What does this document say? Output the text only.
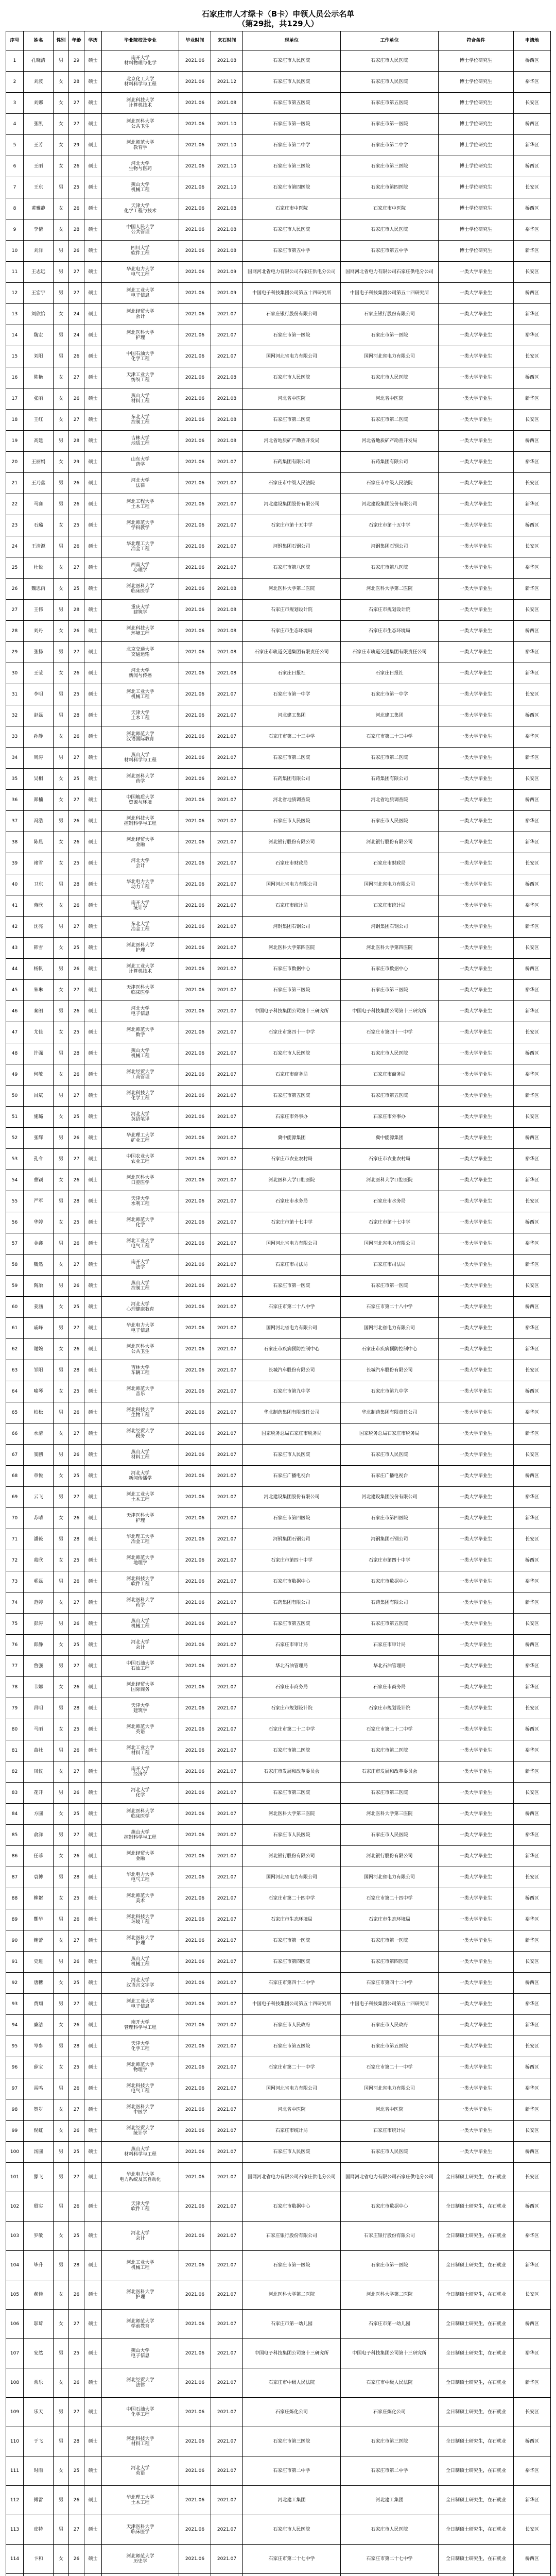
石家庄市人才绿卡（B卡）申领人员公示名单
（第29批，共129人）
序号	姓名	性别	年龄	学历	毕业院校及专业	毕业时间	来石时间	现单位	工作单位	符合条件	申请地
1	孔晓清	男	29	硕士	南开大学
材料物理与化学	2021.06	2021.08	石家庄市人民医院	石家庄市人民医院	博士学位研究生	桥西区
2	刘波	女	28	硕士	北京化工大学
材料科学与工程	2021.06	2021.12	石家庄市人民医院	石家庄市人民医院	博士学位研究生	裕华区
3	刘娜	女	27	硕士	河北科技大学
计算机技术	2021.06	2021.08	石家庄市第五医院	石家庄市第五医院	博士学位研究生	长安区
4	张凯	女	27	硕士	河北医科大学
公共卫生	2021.06	2021.10	石家庄市第一医院	石家庄市第一医院	博士学位研究生	桥西区
5	王芳	女	29	硕士	河北师范大学
教育学	2021.06	2021.10	石家庄市第二中学	石家庄市第二中学	博士学位研究生	新华区
6	王丽	女	26	硕士	河北大学
生物与医药	2021.06	2021.10	石家庄市第三医院	石家庄市第三医院	博士学位研究生	桥西区
7	王东	男	25	硕士	燕山大学
机械工程	2021.06	2021.10	石家庄市第四医院	石家庄市第四医院	博士学位研究生	长安区
8	黄雅静	女	26	硕士	天津大学
化学工程与技术	2021.06	2021.08	石家庄市中医院	石家庄市中医院	博士学位研究生	桥西区
9	李倩	女	28	硕士	中国人民大学
公共管理	2021.06	2021.08	石家庄市人民医院	石家庄市人民医院	博士学位研究生	裕华区
10	刘洋	男	26	硕士	四川大学
软件工程	2021.06	2021.08	石家庄市第五中学	石家庄市第五中学	博士学位研究生	新华区
11	王志远	男	27	硕士	华北电力大学
电气工程	2021.06	2021.09	国网河北省电力有限公司石家庄供电分公司	国网河北省电力有限公司石家庄供电分公司	一类大学毕业生	长安区
12	王宏宇	男	27	硕士	河北工业大学
电子信息	2021.06	2021.09	中国电子科技集团公司第五十四研究所	中国电子科技集团公司第五十四研究所	一类大学毕业生	桥西区
13	刘欣怡	女	24	硕士	河北经贸大学
会计	2021.06	2021.07	石家庄银行股份有限公司	石家庄银行股份有限公司	一类大学毕业生	新华区
14	魏宏	男	24	硕士	河北医科大学
护理	2021.06	2021.07	石家庄市第一医院	石家庄市第一医院	一类大学毕业生	裕华区
15	刘阳	男	26	硕士	中国石油大学
化学工程	2021.06	2021.07	国网河北省电力有限公司	国网河北省电力有限公司	一类大学毕业生	长安区
16	陈艳	女	27	硕士	天津工业大学
纺织工程	2021.06	2021.08	石家庄市人民医院	石家庄市人民医院	一类大学毕业生	桥西区
17	张丽	女	26	硕士	燕山大学
材料工程	2021.06	2021.08	河北省中医院	河北省中医院	一类大学毕业生	新华区
18	王红	女	27	硕士	东北大学
控制工程	2021.06	2021.08	石家庄市第二医院	石家庄市第二医院	一类大学毕业生	长安区
19	高建	男	28	硕士	吉林大学
地质工程	2021.06	2021.08	河北省地质矿产勘查开发局	河北省地质矿产勘查开发局	一类大学毕业生	桥西区
20	王丽娟	女	29	硕士	山东大学
药学	2021.06	2021.07	石药集团有限公司	石药集团有限公司	一类大学毕业生	裕华区
21	王乃鑫	男	26	硕士	河北大学
法律	2021.06	2021.07	石家庄市中级人民法院	石家庄市中级人民法院	一类大学毕业生	长安区
22	马赛	男	26	硕士	河北工程大学
土木工程	2021.06	2021.07	河北建设集团股份有限公司	河北建设集团股份有限公司	一类大学毕业生	新华区
23	石璐	女	25	硕士	河北师范大学
学科教学	2021.06	2021.07	石家庄市第十五中学	石家庄市第十五中学	一类大学毕业生	桥西区
24	王清源	男	26	硕士	华北理工大学
冶金工程	2021.06	2021.07	河钢集团石钢公司	河钢集团石钢公司	一类大学毕业生	长安区
25	杜悦	女	27	硕士	西南大学
心理学	2021.06	2021.07	石家庄市第八医院	石家庄市第八医院	一类大学毕业生	裕华区
26	魏思雨	女	25	硕士	河北医科大学
临床医学	2021.06	2021.08	河北医科大学第二医院	河北医科大学第二医院	一类大学毕业生	新华区
27	王伟	男	28	硕士	重庆大学
建筑学	2021.06	2021.08	石家庄市规划设计院	石家庄市规划设计院	一类大学毕业生	长安区
28	刘丹	女	26	硕士	河北科技大学
环境工程	2021.06	2021.08	石家庄市生态环境局	石家庄市生态环境局	一类大学毕业生	桥西区
29	张扬	男	27	硕士	北京交通大学
交通运输	2021.06	2021.08	石家庄市轨道交通集团有限责任公司	石家庄市轨道交通集团有限责任公司	一类大学毕业生	裕华区
30	王莹	女	26	硕士	河北大学
新闻与传播	2021.06	2021.08	石家庄日报社	石家庄日报社	一类大学毕业生	新华区
31	李明	男	25	硕士	河北工业大学
机械工程	2021.06	2021.07	石家庄市第一中学	石家庄市第一中学	一类大学毕业生	长安区
32	赵磊	男	28	硕士	天津大学
土木工程	2021.06	2021.07	河北建工集团	河北建工集团	一类大学毕业生	桥西区
33	孙静	女	26	硕士	河北师范大学
汉语国际教育	2021.06	2021.07	石家庄市第二十三中学	石家庄市第二十三中学	一类大学毕业生	裕华区
34	周涛	男	27	硕士	燕山大学
材料科学与工程	2021.06	2021.07	石家庄市第二医院	石家庄市第二医院	一类大学毕业生	新华区
35	吴桐	女	25	硕士	河北医科大学
药学	2021.06	2021.07	石药集团有限公司	石药集团有限公司	一类大学毕业生	长安区
36	郑楠	女	27	硕士	中国地质大学
资源与环境	2021.06	2021.07	河北省地质调查院	河北省地质调查院	一类大学毕业生	桥西区
37	冯浩	男	26	硕士	河北科技大学
控制科学与工程	2021.06	2021.07	石家庄市人民医院	石家庄市人民医院	一类大学毕业生	裕华区
38	陈晨	女	26	硕士	河北经贸大学
金融	2021.06	2021.07	河北银行股份有限公司	河北银行股份有限公司	一类大学毕业生	新华区
39	褚雪	女	25	硕士	河北大学
会计	2021.06	2021.07	石家庄市财政局	石家庄市财政局	一类大学毕业生	长安区
40	卫东	男	28	硕士	华北电力大学
动力工程	2021.06	2021.07	国网河北省电力有限公司	国网河北省电力有限公司	一类大学毕业生	桥西区
41	蒋欣	女	26	硕士	南开大学
统计学	2021.06	2021.07	石家庄市统计局	石家庄市统计局	一类大学毕业生	裕华区
42	沈亮	男	27	硕士	东北大学
冶金工程	2021.06	2021.07	河钢集团石钢公司	河钢集团石钢公司	一类大学毕业生	新华区
43	韩雪	女	25	硕士	河北医科大学
护理	2021.06	2021.07	河北医科大学第四医院	河北医科大学第四医院	一类大学毕业生	长安区
44	杨帆	男	26	硕士	河北工业大学
计算机技术	2021.06	2021.07	石家庄市数据中心	石家庄市数据中心	一类大学毕业生	桥西区
45	朱琳	女	27	硕士	天津医科大学
临床医学	2021.06	2021.07	石家庄市第三医院	石家庄市第三医院	一类大学毕业生	裕华区
46	秦朗	男	26	硕士	河北大学
电子信息	2021.06	2021.07	中国电子科技集团公司第十三研究所	中国电子科技集团公司第十三研究所	一类大学毕业生	新华区
47	尤佳	女	25	硕士	河北师范大学
数学	2021.06	2021.07	石家庄市第四十一中学	石家庄市第四十一中学	一类大学毕业生	长安区
48	许强	男	28	硕士	燕山大学
机械工程	2021.06	2021.07	石家庄市人民医院	石家庄市人民医院	一类大学毕业生	桥西区
49	何敏	女	26	硕士	河北经贸大学
工商管理	2021.06	2021.07	石家庄市商务局	石家庄市商务局	一类大学毕业生	裕华区
50	吕斌	男	27	硕士	河北科技大学
化学工程	2021.06	2021.07	石家庄市第五医院	石家庄市第五医院	一类大学毕业生	新华区
51	施璐	女	25	硕士	河北大学
英语笔译	2021.06	2021.07	石家庄市外事办	石家庄市外事办	一类大学毕业生	长安区
52	张辉	男	26	硕士	华北理工大学
矿业工程	2021.06	2021.07	冀中能源集团	冀中能源集团	一类大学毕业生	桥西区
53	孔令	男	27	硕士	中国农业大学
农业工程	2021.06	2021.07	石家庄市农业农村局	石家庄市农业农村局	一类大学毕业生	裕华区
54	曹颖	女	26	硕士	河北医科大学
口腔医学	2021.06	2021.07	河北医科大学口腔医院	河北医科大学口腔医院	一类大学毕业生	新华区
55	严军	男	28	硕士	天津大学
水利工程	2021.06	2021.07	石家庄市水务局	石家庄市水务局	一类大学毕业生	长安区
56	华婷	女	25	硕士	河北师范大学
化学	2021.06	2021.07	石家庄市第十七中学	石家庄市第十七中学	一类大学毕业生	桥西区
57	金鑫	男	26	硕士	河北工业大学
电气工程	2021.06	2021.07	国网河北省电力有限公司	国网河北省电力有限公司	一类大学毕业生	裕华区
58	魏然	女	27	硕士	南开大学
法学	2021.06	2021.07	石家庄市司法局	石家庄市司法局	一类大学毕业生	新华区
59	陶冶	男	26	硕士	燕山大学
控制工程	2021.06	2021.07	石家庄市第一医院	石家庄市第一医院	一类大学毕业生	长安区
60	姜涵	女	25	硕士	河北大学
心理健康教育	2021.06	2021.07	石家庄市第二十八中学	石家庄市第二十八中学	一类大学毕业生	桥西区
61	戚峰	男	27	硕士	华北电力大学
电子信息	2021.06	2021.07	国网河北省电力有限公司	国网河北省电力有限公司	一类大学毕业生	裕华区
62	谢婉	女	26	硕士	河北医科大学
公共卫生	2021.06	2021.07	石家庄市疾病预防控制中心	石家庄市疾病预防控制中心	一类大学毕业生	新华区
63	邹阳	男	28	硕士	吉林大学
车辆工程	2021.06	2021.07	长城汽车股份有限公司	长城汽车股份有限公司	一类大学毕业生	长安区
64	喻琴	女	25	硕士	河北师范大学
音乐	2021.06	2021.07	石家庄市第九中学	石家庄市第九中学	一类大学毕业生	桥西区
65	柏松	男	26	硕士	河北科技大学
生物工程	2021.06	2021.07	华北制药集团有限责任公司	华北制药集团有限责任公司	一类大学毕业生	裕华区
66	水清	女	27	硕士	河北经贸大学
税务	2021.06	2021.07	国家税务总局石家庄市税务局	国家税务总局石家庄市税务局	一类大学毕业生	新华区
67	窦鹏	男	26	硕士	燕山大学
材料工程	2021.06	2021.07	石家庄市人民医院	石家庄市人民医院	一类大学毕业生	长安区
68	章悦	女	25	硕士	河北大学
新闻传播学	2021.06	2021.07	石家庄广播电视台	石家庄广播电视台	一类大学毕业生	桥西区
69	云飞	男	27	硕士	河北工业大学
土木工程	2021.06	2021.07	河北建设集团股份有限公司	河北建设集团股份有限公司	一类大学毕业生	裕华区
70	苏晴	女	26	硕士	天津医科大学
护理	2021.06	2021.07	石家庄市第四医院	石家庄市第四医院	一类大学毕业生	新华区
71	潘毅	男	28	硕士	华北理工大学
冶金工程	2021.06	2021.07	河钢集团石钢公司	河钢集团石钢公司	一类大学毕业生	长安区
72	葛欣	女	25	硕士	河北师范大学
地理学	2021.06	2021.07	石家庄市第四十中学	石家庄市第四十中学	一类大学毕业生	桥西区
73	奚磊	男	26	硕士	河北科技大学
软件工程	2021.06	2021.07	石家庄市数据中心	石家庄市数据中心	一类大学毕业生	裕华区
74	范婷	女	27	硕士	河北医科大学
药学	2021.06	2021.07	石药集团有限公司	石药集团有限公司	一类大学毕业生	新华区
75	彭涛	男	26	硕士	燕山大学
机械工程	2021.06	2021.07	石家庄市第五医院	石家庄市第五医院	一类大学毕业生	长安区
76	郎静	女	25	硕士	河北大学
会计	2021.06	2021.07	石家庄市审计局	石家庄市审计局	一类大学毕业生	桥西区
77	鲁强	男	27	硕士	中国石油大学
石油工程	2021.06	2021.07	华北石油管理局	华北石油管理局	一类大学毕业生	裕华区
78	韦娜	女	26	硕士	河北经贸大学
国际商务	2021.06	2021.07	石家庄市商务局	石家庄市商务局	一类大学毕业生	新华区
79	昌明	男	28	硕士	天津大学
建筑学	2021.06	2021.07	石家庄市规划设计院	石家庄市规划设计院	一类大学毕业生	长安区
80	马丽	女	25	硕士	河北师范大学
英语	2021.06	2021.07	石家庄市第二十二中学	石家庄市第二十二中学	一类大学毕业生	桥西区
81	苗壮	男	26	硕士	河北工业大学
材料工程	2021.06	2021.07	石家庄市第二医院	石家庄市第二医院	一类大学毕业生	裕华区
82	凤仪	女	27	硕士	南开大学
经济学	2021.06	2021.07	石家庄市发展和改革委员会	石家庄市发展和改革委员会	一类大学毕业生	新华区
83	花开	男	26	硕士	河北大学
化学	2021.06	2021.07	石家庄市第三医院	石家庄市第三医院	一类大学毕业生	长安区
84	方圆	女	25	硕士	河北医科大学
临床医学	2021.06	2021.07	河北医科大学第三医院	河北医科大学第三医院	一类大学毕业生	桥西区
85	俞洋	男	27	硕士	燕山大学
控制科学与工程	2021.06	2021.07	石家庄市人民医院	石家庄市人民医院	一类大学毕业生	裕华区
86	任菲	女	26	硕士	河北经贸大学
金融	2021.06	2021.07	河北银行股份有限公司	河北银行股份有限公司	一类大学毕业生	新华区
87	袁博	男	28	硕士	华北电力大学
电气工程	2021.06	2021.07	国网河北省电力有限公司	国网河北省电力有限公司	一类大学毕业生	长安区
88	柳絮	女	25	硕士	河北师范大学
美术	2021.06	2021.07	石家庄市第二十四中学	石家庄市第二十四中学	一类大学毕业生	桥西区
89	酆华	男	26	硕士	河北科技大学
环境工程	2021.06	2021.07	石家庄市生态环境局	石家庄市生态环境局	一类大学毕业生	裕华区
90	鲍蕾	女	27	硕士	河北医科大学
护理	2021.06	2021.07	石家庄市第一医院	石家庄市第一医院	一类大学毕业生	新华区
91	史进	男	26	硕士	燕山大学
机械工程	2021.06	2021.07	石家庄市第四医院	石家庄市第四医院	一类大学毕业生	长安区
92	唐糖	女	25	硕士	河北大学
汉语言文字学	2021.06	2021.07	石家庄市第四十二中学	石家庄市第四十二中学	一类大学毕业生	桥西区
93	费翔	男	27	硕士	河北工业大学
电子信息	2021.06	2021.07	中国电子科技集团公司第五十四研究所	中国电子科技集团公司第五十四研究所	一类大学毕业生	裕华区
94	廉洁	女	26	硕士	南开大学
管理科学与工程	2021.06	2021.07	石家庄市人民政府	石家庄市人民政府	一类大学毕业生	新华区
95	岑参	男	28	硕士	天津大学
化学工程	2021.06	2021.07	石家庄市第五医院	石家庄市第五医院	一类大学毕业生	长安区
96	薛宝	女	25	硕士	河北师范大学
物理学	2021.06	2021.07	石家庄市第二十一中学	石家庄市第二十一中学	一类大学毕业生	桥西区
97	雷鸣	男	26	硕士	河北科技大学
电气工程	2021.06	2021.07	国网河北省电力有限公司	国网河北省电力有限公司	一类大学毕业生	裕华区
98	贺岁	女	27	硕士	河北医科大学
中医学	2021.06	2021.07	河北省中医院	河北省中医院	一类大学毕业生	新华区
99	倪虹	女	26	硕士	河北经贸大学
统计学	2021.06	2021.07	石家庄市统计局	石家庄市统计局	一类大学毕业生	长安区
100	汤圆	男	25	硕士	燕山大学
材料科学与工程	2021.06	2021.07	石家庄市人民医院	石家庄市人民医院	一类大学毕业生	桥西区
101	滕飞	男	27	硕士	华北电力大学
电力系统及其自动化	2021.06	2021.07	国网河北省电力有限公司石家庄供电分公司	国网河北省电力有限公司石家庄供电分公司	全日制硕士研究生，在石就业	长安区
102	殷实	男	26	硕士	天津大学
软件工程	2021.06	2021.07	石家庄市数据中心	石家庄市数据中心	全日制硕士研究生，在石就业	桥西区
103	罗敏	女	25	硕士	河北大学
会计	2021.06	2021.07	石家庄银行股份有限公司	石家庄银行股份有限公司	全日制硕士研究生，在石就业	裕华区
104	毕升	男	28	硕士	河北工业大学
机械工程	2021.06	2021.07	石家庄市第一医院	石家庄市第一医院	全日制硕士研究生，在石就业	新华区
105	郝佳	女	26	硕士	河北医科大学
护理	2021.06	2021.07	河北医科大学第二医院	河北医科大学第二医院	全日制硕士研究生，在石就业	长安区
106	邬琦	女	27	硕士	河北师范大学
学前教育	2021.06	2021.07	石家庄市第一幼儿园	石家庄市第一幼儿园	全日制硕士研究生，在石就业	桥西区
107	安然	男	25	硕士	燕山大学
电子信息	2021.06	2021.07	中国电子科技集团公司第十三研究所	中国电子科技集团公司第十三研究所	全日制硕士研究生，在石就业	裕华区
108	常乐	女	26	硕士	河北经贸大学
法律	2021.06	2021.07	石家庄市中级人民法院	石家庄市中级人民法院	全日制硕士研究生，在石就业	新华区
109	乐天	男	27	硕士	中国石油大学
化学工程	2021.06	2021.07	石家庄炼化公司	石家庄炼化公司	全日制硕士研究生，在石就业	长安区
110	于飞	男	28	硕士	河北科技大学
材料工程	2021.06	2021.07	石家庄市第三医院	石家庄市第三医院	全日制硕士研究生，在石就业	桥西区
111	时雨	女	25	硕士	河北大学
英语	2021.06	2021.07	石家庄市第二中学	石家庄市第二中学	全日制硕士研究生，在石就业	裕华区
112	傅雷	男	26	硕士	华北理工大学
土木工程	2021.06	2021.07	河北建工集团	河北建工集团	全日制硕士研究生，在石就业	新华区
113	皮特	男	27	硕士	天津医科大学
临床医学	2021.06	2021.07	石家庄市人民医院	石家庄市人民医院	全日制硕士研究生，在石就业	长安区
114	卞和	女	26	硕士	河北师范大学
历史学	2021.06	2021.07	石家庄市第二十七中学	石家庄市第二十七中学	全日制硕士研究生，在石就业	桥西区
